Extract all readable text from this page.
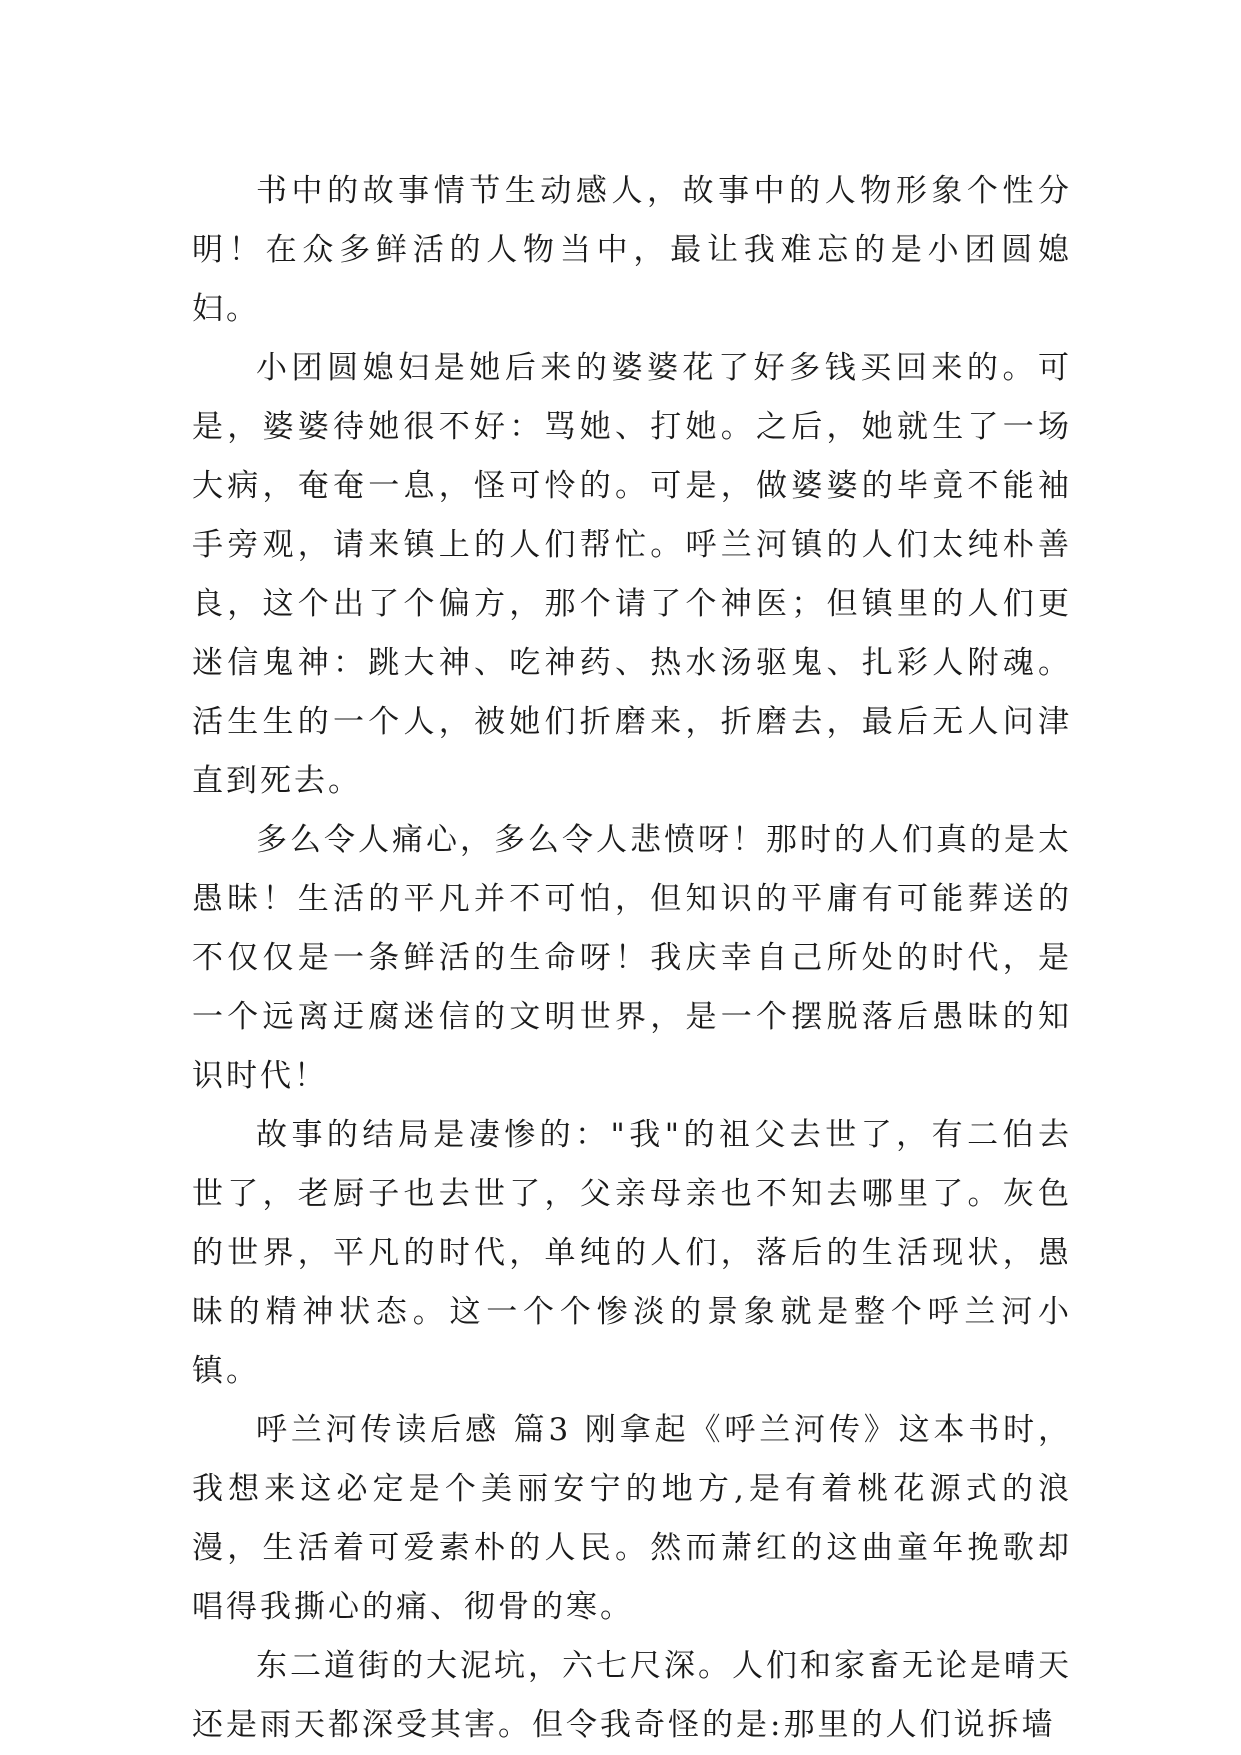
书中的故事情节生动感人，故事中的人物形象个性分明！在众多鲜活的人物当中，最让我难忘的是小团圆媳妇。

小团圆媳妇是她后来的婆婆花了好多钱买回来的。可是，婆婆待她很不好：骂她、打她。之后，她就生了一场大病，奄奄一息，怪可怜的。可是，做婆婆的毕竟不能袖手旁观，请来镇上的人们帮忙。呼兰河镇的人们太纯朴善良，这个出了个偏方，那个请了个神医；但镇里的人们更迷信鬼神：跳大神、吃神药、热水汤驱鬼、扎彩人附魂。活生生的一个人，被她们折磨来，折磨去，最后无人问津直到死去。

多么令人痛心，多么令人悲愤呀！那时的人们真的是太愚昧！生活的平凡并不可怕，但知识的平庸有可能葬送的不仅仅是一条鲜活的生命呀！我庆幸自己所处的时代，是一个远离迂腐迷信的文明世界，是一个摆脱落后愚昧的知识时代！

故事的结局是凄惨的："我"的祖父去世了，有二伯去世了，老厨子也去世了，父亲母亲也不知去哪里了。灰色的世界，平凡的时代，单纯的人们，落后的生活现状，愚昧的精神状态。这一个个惨淡的景象就是整个呼兰河小镇。

呼兰河传读后感 篇3 刚拿起《呼兰河传》这本书时，我想来这必定是个美丽安宁的地方,是有着桃花源式的浪漫，生活着可爱素朴的人民。然而萧红的这曲童年挽歌却唱得我撕心的痛、彻骨的寒。

东二道街的大泥坑，六七尺深。人们和家畜无论是晴天还是雨天都深受其害。但令我奇怪的是:那里的人们说拆墙
